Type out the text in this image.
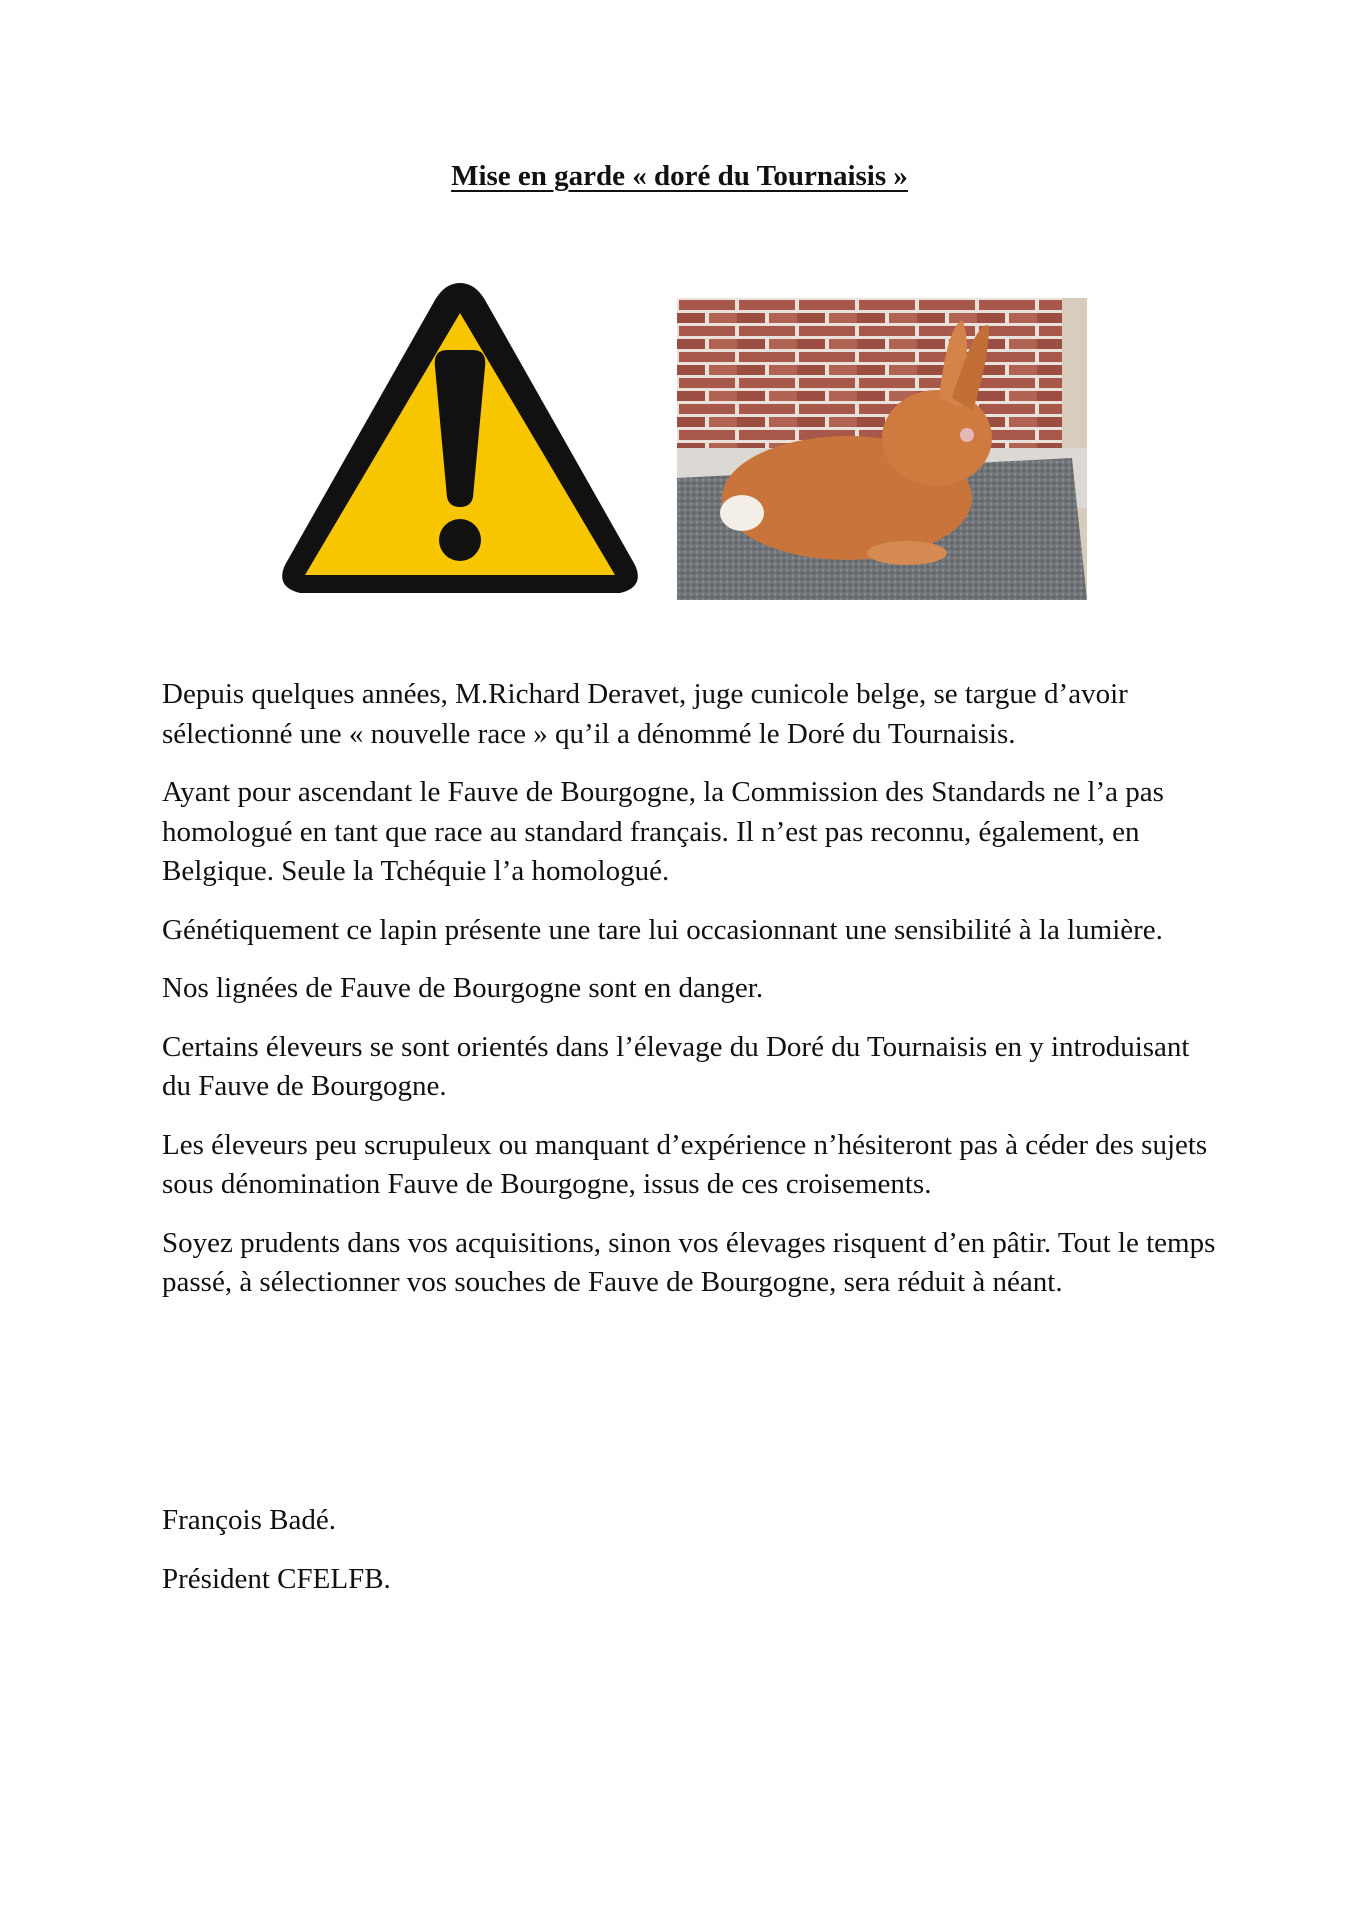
Mise en garde « doré du Tournaisis »

Depuis quelques années, M.Richard Deravet, juge cunicole belge, se targue d’avoir sélectionné une « nouvelle race » qu’il a dénommé le Doré du Tournaisis.

Ayant pour ascendant le Fauve de Bourgogne, la Commission des Standards ne l’a pas homologué en tant que race au standard français. Il n’est pas reconnu, également, en Belgique. Seule la Tchéquie l’a homologué.

Génétiquement ce lapin présente une tare lui occasionnant une sensibilité à la lumière.

Nos lignées de Fauve de Bourgogne sont en danger.

Certains éleveurs se sont orientés dans l’élevage du Doré du Tournaisis en y introduisant du Fauve de Bourgogne.

Les éleveurs peu scrupuleux ou manquant d’expérience n’hésiteront pas à céder des sujets sous dénomination Fauve de Bourgogne, issus de ces croisements.

Soyez prudents dans vos acquisitions, sinon vos élevages risquent d’en pâtir. Tout le temps passé, à sélectionner vos souches de Fauve de Bourgogne, sera réduit à néant.

François Badé.

Président CFELFB.
